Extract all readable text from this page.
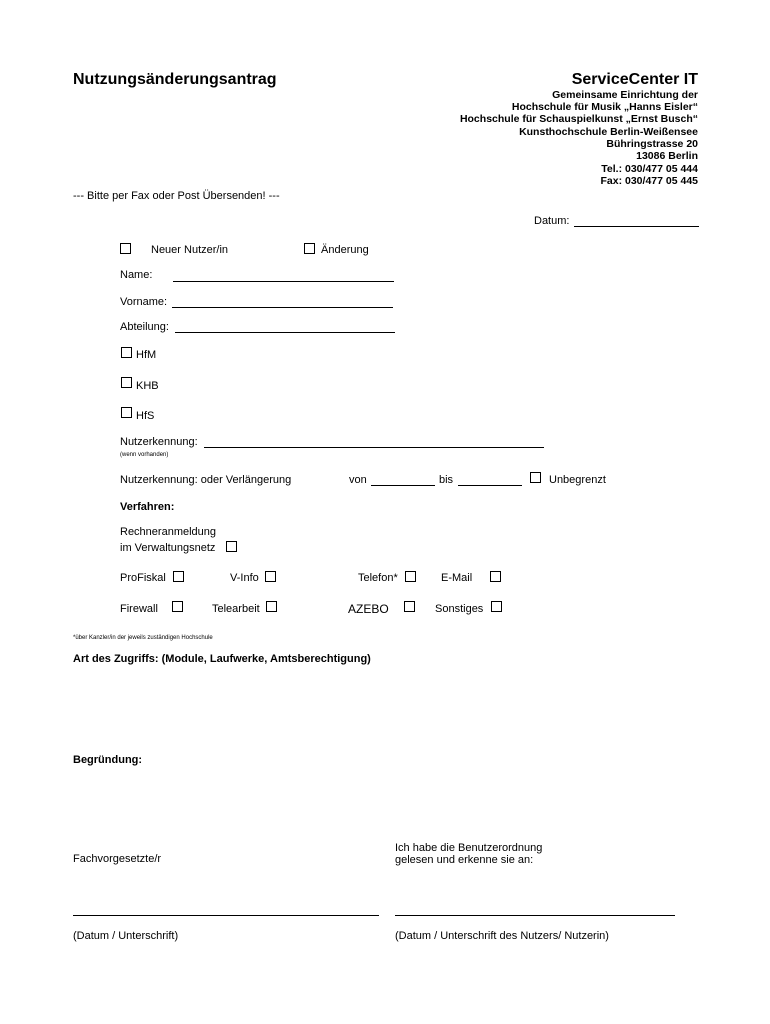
Nutzungsänderungsantrag	ServiceCenter IT
Gemeinsame Einrichtung der
Hochschule für Musik „Hanns Eisler“
Hochschule für Schauspielkunst „Ernst Busch“
Kunsthochschule Berlin-Weißensee
Bühringstrasse 20
13086 Berlin
Tel.: 030/477 05 444
Fax: 030/477 05 445
--- Bitte per Fax oder Post Übersenden! ---
Datum:
Neuer Nutzer/in	Änderung
Name:
Vorname:
Abteilung:
HfM
KHB
HfS
Nutzerkennung:
(wenn vorhanden)
Nutzerkennung: oder Verlängerung	von	bis	Unbegrenzt
Verfahren:
Rechneranmeldung
im Verwaltungsnetz
ProFiskal	V-Info	Telefon*	E-Mail
Firewall	Telearbeit	AZEBO	Sonstiges
*über Kanzler/in der jeweils zuständigen Hochschule
Art des Zugriffs: (Module, Laufwerke, Amtsberechtigung)
Begründung:
Ich habe die Benutzerordnung
gelesen und erkenne sie an:
Fachvorgesetzte/r
(Datum / Unterschrift)	(Datum / Unterschrift des Nutzers/ Nutzerin)
